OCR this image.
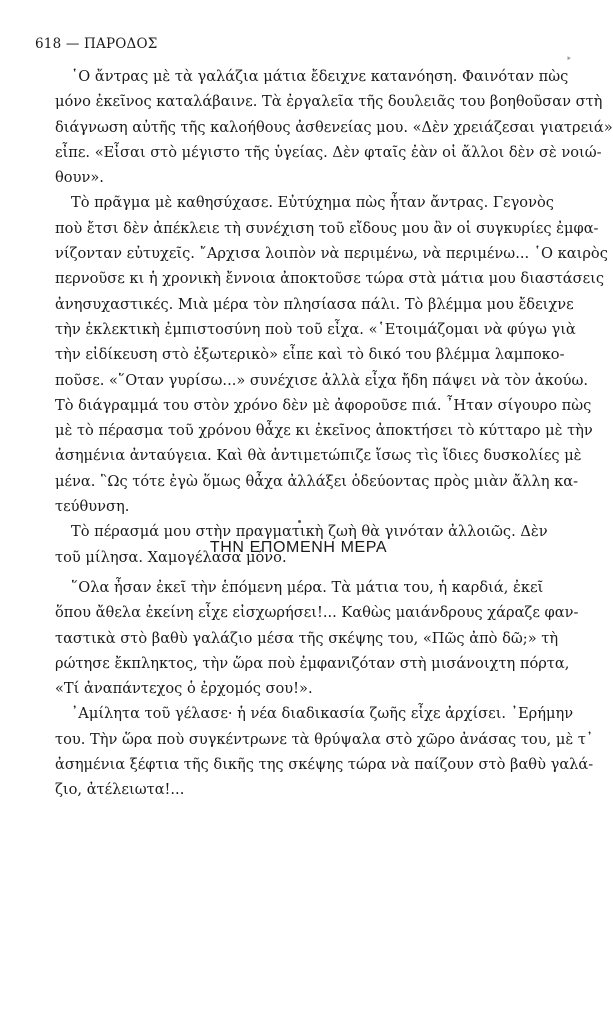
618 — ΠΑΡΟΔΟΣ
‣

῾Ο ἄντρας μὲ τὰ γαλάζια μάτια ἔδειχνε κατανόηση. Φαινόταν πὼς
μόνο ἐκεῖνος καταλάβαινε. Τὰ ἐργαλεῖα τῆς δουλειᾶς του βοηθοῦσαν στὴ
διάγνωση αὐτῆς τῆς καλοήθους ἀσθενείας μου. «Δὲν χρειάζεσαι γιατρειά»
εἶπε. «Εἶσαι στὸ μέγιστο τῆς ὑγείας. Δὲν φταῖς ἐὰν οἱ ἄλλοι δὲν σὲ νοιώ-
θουν».

Τὸ πρᾶγμα μὲ καθησύχασε. Εὐτύχημα πὼς ἦταν ἄντρας. Γεγονὸς
ποὺ ἔτσι δὲν ἀπέκλειε τὴ συνέχιση τοῦ εἴδους μου ἂν οἱ συγκυρίες ἐμφα-
νίζονταν εὐτυχεῖς. ῎Αρχισα λοιπὸν νὰ περιμένω, νὰ περιμένω... ῾Ο καιρὸς
περνοῦσε κι ἡ χρονικὴ ἔννοια ἀποκτοῦσε τώρα στὰ μάτια μου διαστάσεις
ἀνησυχαστικές. Μιὰ μέρα τὸν πλησίασα πάλι. Τὸ βλέμμα μου ἔδειχνε
τὴν ἐκλεκτικὴ ἐμπιστοσύνη ποὺ τοῦ εἶχα. «῾Ετοιμάζομαι νὰ φύγω γιὰ
τὴν εἰδίκευση στὸ ἐξωτερικὸ» εἶπε καὶ τὸ δικό του βλέμμα λαμποκο-
ποῦσε. «῞Οταν γυρίσω...» συνέχισε ἀλλὰ εἶχα ἤδη πάψει νὰ τὸν ἀκούω.
Τὸ διάγραμμά του στὸν χρόνο δὲν μὲ ἀφοροῦσε πιά. ῏Ηταν σίγουρο πὼς
μὲ τὸ πέρασμα τοῦ χρόνου θἆχε κι ἐκεῖνος ἀποκτήσει τὸ κύτταρο μὲ τὴν
ἀσημένια ἀνταύγεια. Καὶ θὰ ἀντιμετώπιζε ἴσως τὶς ἴδιες δυσκολίες μὲ
μένα. ῝Ως τότε ἐγὼ ὅμως θἆχα ἀλλάξει ὁδεύοντας πρὸς μιὰν ἄλλη κα-
τεύθυνση.

Τὸ πέρασμά μου στὴν πραγματικὴ ζωὴ θὰ γινόταν ἀλλοιῶς. Δὲν
τοῦ μίλησα. Χαμογέλασα μόνο.

ΤΗΝ ΕΠΟΜΕΝΗ ΜΕΡΑ

῞Ολα ἦσαν ἐκεῖ τὴν ἑπόμενη μέρα. Τὰ μάτια του, ἡ καρδιά, ἐκεῖ
ὅπου ἄθελα ἐκείνη εἶχε εἰσχωρήσει!... Καθὼς μαιάνδρους χάραζε φαν-
ταστικὰ στὸ βαθὺ γαλάζιο μέσα τῆς σκέψης του, «Πῶς ἀπὸ δῶ;» τὴ
ρώτησε ἔκπληκτος, τὴν ὥρα ποὺ ἐμφανιζόταν στὴ μισάνοιχτη πόρτα,
«Τί ἀναπάντεχος ὁ ἐρχομός σου!».

᾿Αμίλητα τοῦ γέλασε· ἡ νέα διαδικασία ζωῆς εἶχε ἀρχίσει. ᾿Ερήμην
του. Τὴν ὥρα ποὺ συγκέντρωνε τὰ θρύψαλα στὸ χῶρο ἀνάσας του, μὲ τ᾿
ἀσημένια ξέφτια τῆς δικῆς της σκέψης τώρα νὰ παίζουν στὸ βαθὺ γαλά-
ζιο, ἀτέλειωτα!...
